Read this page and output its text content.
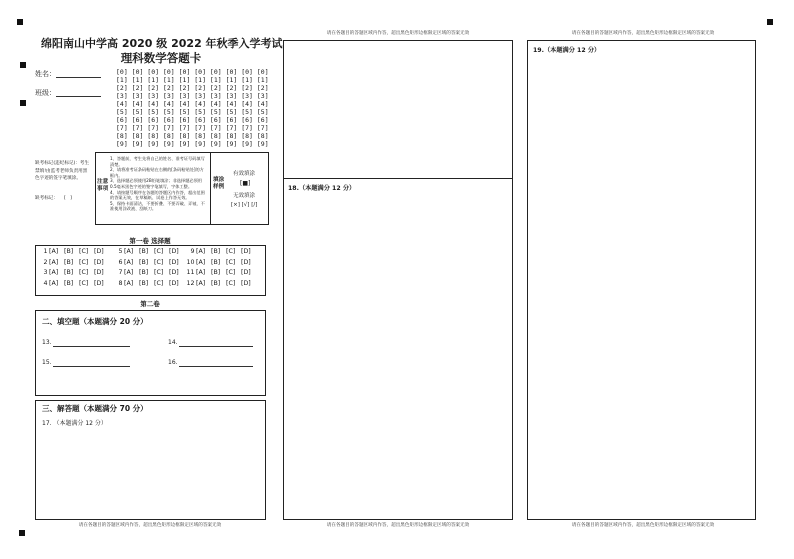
绵阳南山中学高 2020 级 2022 年秋季入学考试
理科数学答题卡
姓名：
班级：
[0] [0] [0] [0] [0] [0] [0] [0] [0] [0]
[1] [1] [1] [1] [1] [1] [1] [1] [1] [1]
[2] [2] [2] [2] [2] [2] [2] [2] [2] [2]
[3] [3] [3] [3] [3] [3] [3] [3] [3] [3]
[4] [4] [4] [4] [4] [4] [4] [4] [4] [4]
[5] [5] [5] [5] [5] [5] [5] [5] [5] [5]
[6] [6] [6] [6] [6] [6] [6] [6] [6] [6]
[7] [7] [7] [7] [7] [7] [7] [7] [7] [7]
[8] [8] [8] [8] [8] [8] [8] [8] [8] [8]
[9] [9] [9] [9] [9] [9] [9] [9] [9] [9]
缺考标记(违纪标记)：考生禁填!由监考老师负责用黑色字迹的签字笔填涂。
缺考标记： [   ]
注意事项

1、答题前，考生先将自己的姓名、准考证号码填写清楚。

2、请将准考证条码粘贴在右侧的[条码粘贴处]的方框内。

3、选择题必须使用2B铅笔填涂；非选择题必须用0.5毫米黑色字迹的签字笔填写，字体工整。

4、请按题号顺序在各题的答题区内作答，超出范围的答案无效，在草稿纸、试卷上作答无效。

5、保持卡面清洁，不要折叠、不要弄破、弄皱，不准使用涂改液、刮纸刀。

填涂样例
有效填涂
[■]
无效填涂
[×] [√] [/]
第一卷 选择题
1 [A] [B] [C] [D]
2 [A] [B] [C] [D]
3 [A] [B] [C] [D]
4 [A] [B] [C] [D]
5 [A] [B] [C] [D]
6 [A] [B] [C] [D]
7 [A] [B] [C] [D]
8 [A] [B] [C] [D]
9 [A] [B] [C] [D]
10 [A] [B] [C] [D]
11 [A] [B] [C] [D]
12 [A] [B] [C] [D]
第二卷
二、填空题（本题满分 20 分）
13.	14.
15.	16.
三、解答题（本题满分 70 分）
17. （本题满分 12 分）
请在各题目的答题区域内作答，超出黑色矩形边框限定区域的答案无效
请在各题目的答题区域内作答，超出黑色矩形边框限定区域的答案无效
18.（本题满分 12 分）
请在各题目的答题区域内作答，超出黑色矩形边框限定区域的答案无效
请在各题目的答题区域内作答，超出黑色矩形边框限定区域的答案无效
19.（本题满分 12 分）
请在各题目的答题区域内作答，超出黑色矩形边框限定区域的答案无效
